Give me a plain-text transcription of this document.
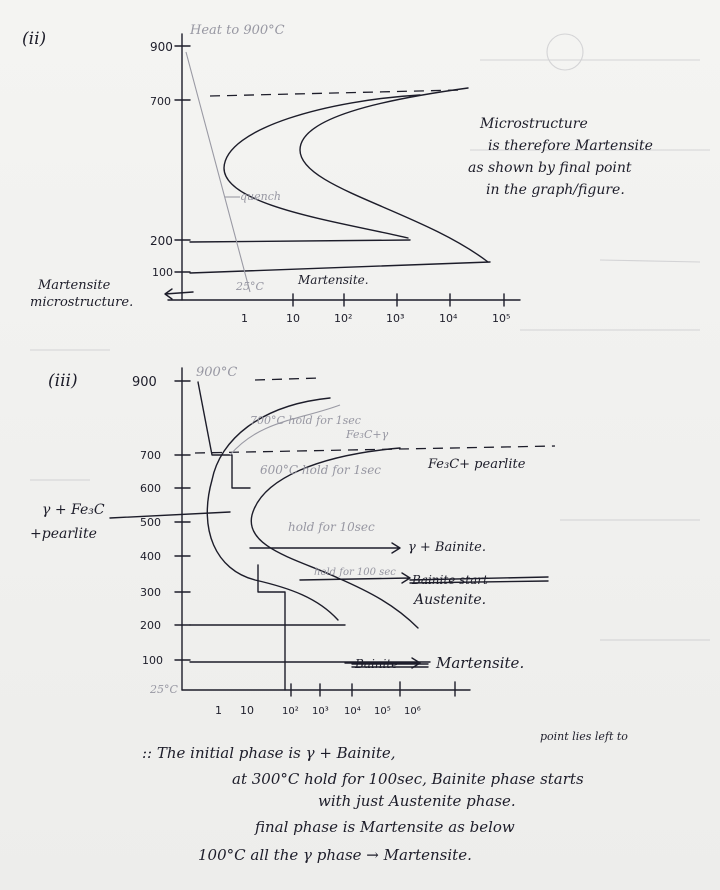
(ii)	Heat to 900°C
900
700
200
100
1	10	10²	10³	10⁴	10⁵
quench
25°C	Martensite.
Martensite
microstructure.
Microstructure
is therefore Martensite
as shown by final point
in the graph/figure.
(iii)	900°C
900
700
600
500
400
300
200
100
25°C
1 10	10² 10³ 10⁴ 10⁵ 10⁶
700°C hold for 1sec
Fe₃C+γ
600°C hold for 1sec	Fe₃C+ pearlite
hold for 10sec
γ + Bainite.
hold for 100 sec
Bainite start
Austenite.
Bainite	Martensite.
γ + Fe₃C
+pearlite
point lies left to
:: The initial phase is γ + Bainite,
at 300°C hold for 100sec, Bainite phase starts
with just Austenite phase.
final phase is Martensite as below
100°C all the γ phase → Martensite.
